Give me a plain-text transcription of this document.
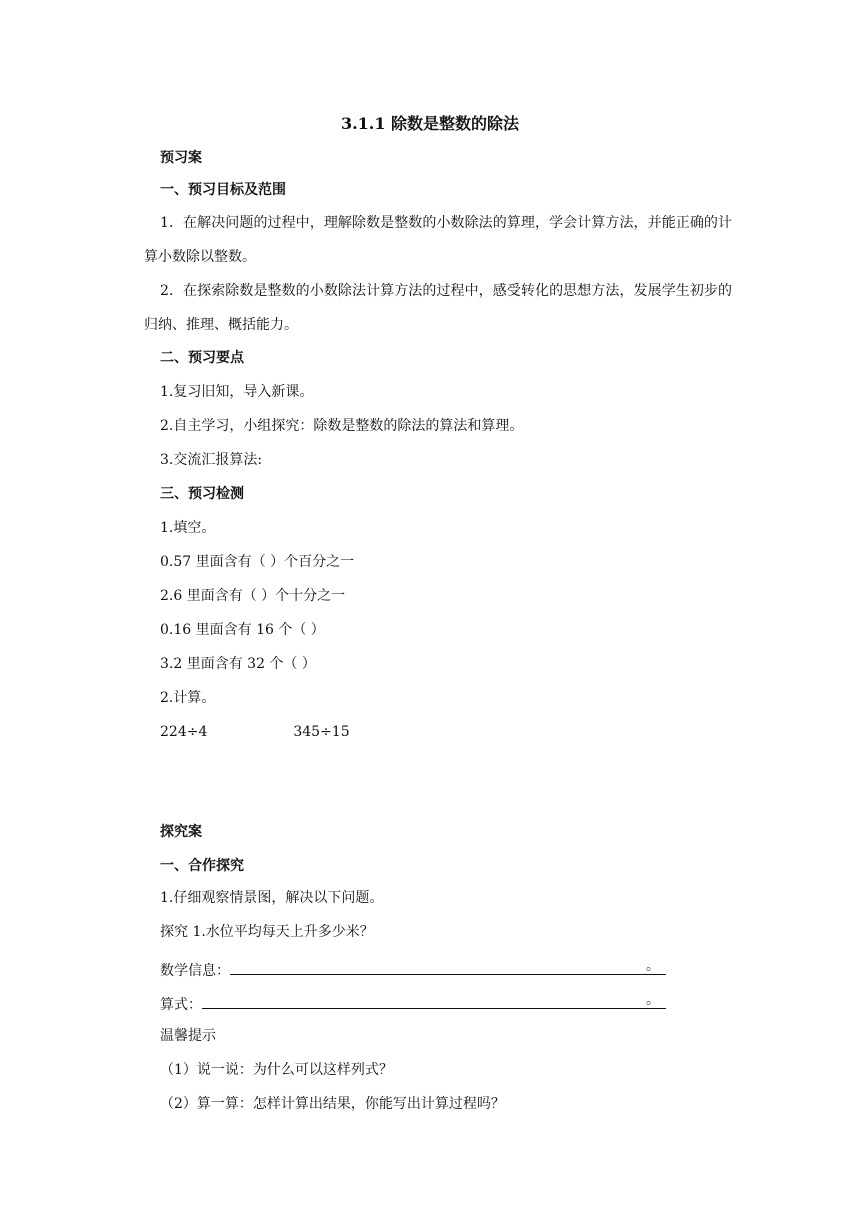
3.1.1 除数是整数的除法
预习案
一、预习目标及范围
1．在解决问题的过程中，理解除数是整数的小数除法的算理，学会计算方法，并能正确的计算小数除以整数。
2．在探索除数是整数的小数除法计算方法的过程中，感受转化的思想方法，发展学生初步的归纳、推理、概括能力。
二、预习要点
1.复习旧知，导入新课。
2.自主学习，小组探究：除数是整数的除法的算法和算理。
3.交流汇报算法:
三、预习检测
1.填空。
0.57 里面含有（ ）个百分之一
2.6 里面含有（ ）个十分之一
0.16 里面含有 16 个（ ）
3.2 里面含有 32 个（ ）
2.计算。
224÷4	345÷15
探究案
一、合作探究
1.仔细观察情景图，解决以下问题。
探究 1.水位平均每天上升多少米？
数学信息：	。
算式：	。
温馨提示
（1）说一说：为什么可以这样列式？
（2）算一算：怎样计算出结果，你能写出计算过程吗？
